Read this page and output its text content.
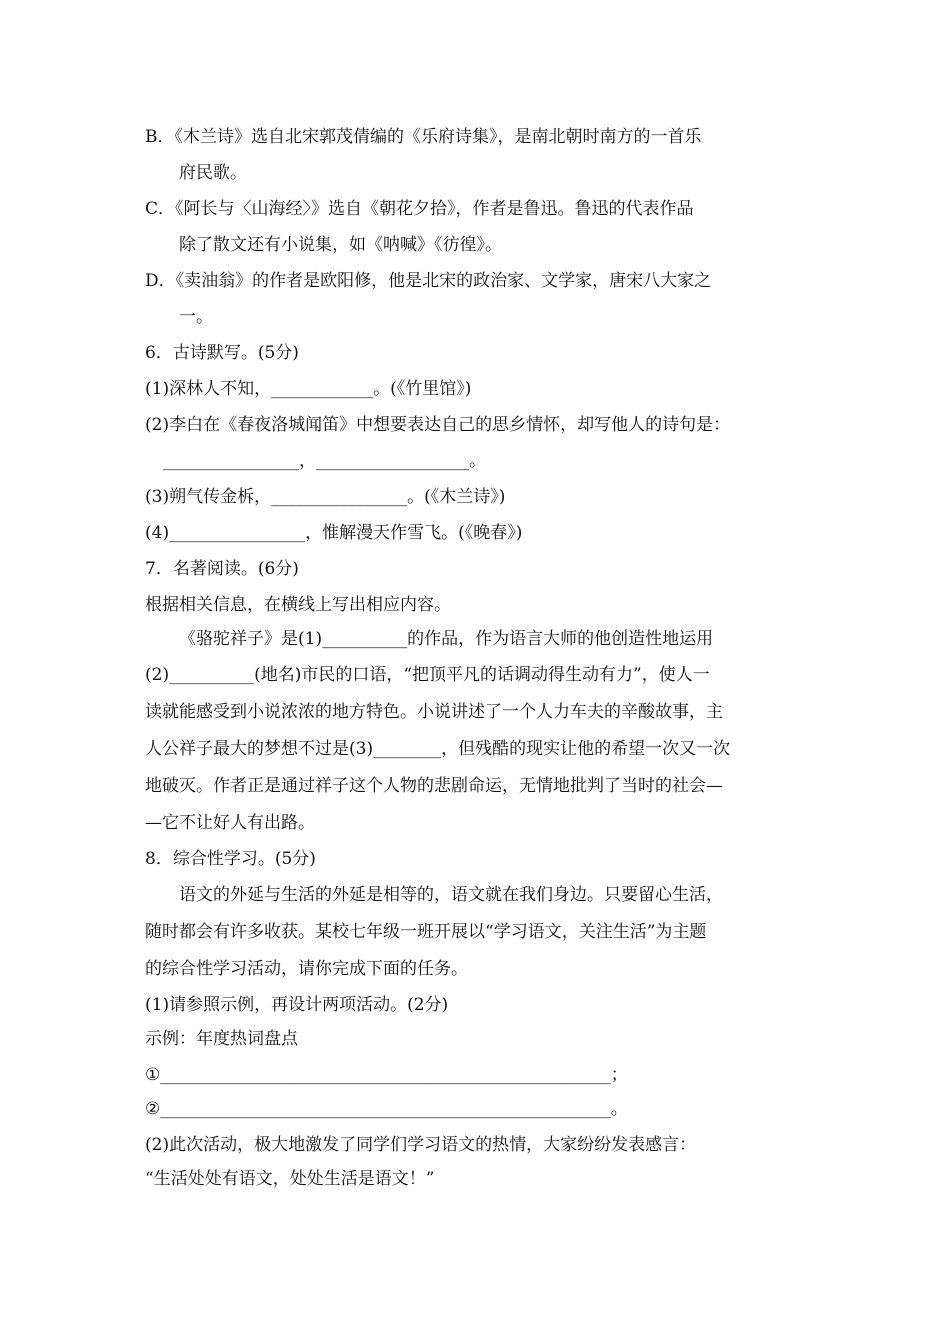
B．《木兰诗》选自北宋郭茂倩编的《乐府诗集》，是南北朝时南方的一首乐
府民歌。
C．《阿长与〈山海经〉》选自《朝花夕拾》，作者是鲁迅。鲁迅的代表作品
除了散文还有小说集，如《呐喊》《彷徨》。
D．《卖油翁》的作者是欧阳修，他是北宋的政治家、文学家，唐宋八大家之
一。
6．古诗默写。(5分)
(1)深林人不知，____________。(《竹里馆》)
(2)李白在《春夜洛城闻笛》中想要表达自己的思乡情怀，却写他人的诗句是：
________________，__________________。
(3)朔气传金柝，________________。(《木兰诗》)
(4)________________，惟解漫天作雪飞。(《晚春》)
7．名著阅读。(6分)
根据相关信息，在横线上写出相应内容。
《骆驼祥子》是(1)__________的作品，作为语言大师的他创造性地运用
(2)__________(地名)市民的口语，“把顶平凡的话调动得生动有力”，使人一
读就能感受到小说浓浓的地方特色。小说讲述了一个人力车夫的辛酸故事，主
人公祥子最大的梦想不过是(3)________，但残酷的现实让他的希望一次又一次
地破灭。作者正是通过祥子这个人物的悲剧命运，无情地批判了当时的社会—
—它不让好人有出路。
8．综合性学习。(5分)
语文的外延与生活的外延是相等的，语文就在我们身边。只要留心生活，
随时都会有许多收获。某校七年级一班开展以“学习语文，关注生活”为主题
的综合性学习活动，请你完成下面的任务。
(1)请参照示例，再设计两项活动。(2分)
示例：年度热词盘点
①_____________________________________________________；
②_____________________________________________________。
(2)此次活动，极大地激发了同学们学习语文的热情，大家纷纷发表感言：
“生活处处有语文，处处生活是语文！”
